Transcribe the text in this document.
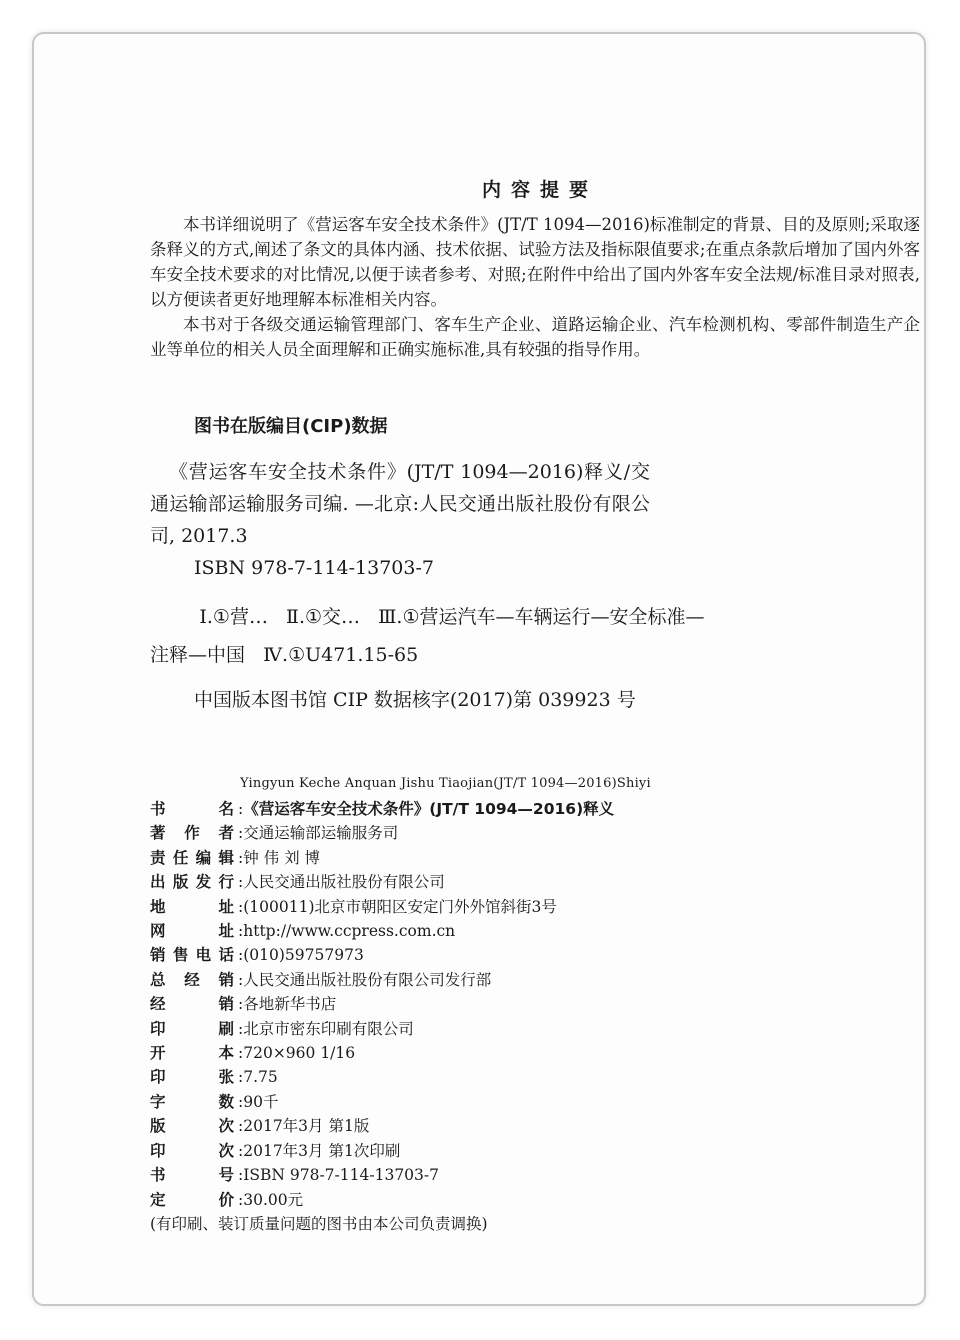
内容提要

本书详细说明了《营运客车安全技术条件》(JT/T 1094—2016)标准制定的背景、目的及原则;采取逐条释义的方式,阐述了条文的具体内涵、技术依据、试验方法及指标限值要求;在重点条款后增加了国内外客车安全技术要求的对比情况,以便于读者参考、对照;在附件中给出了国内外客车安全法规/标准目录对照表,以方便读者更好地理解本标准相关内容。

本书对于各级交通运输管理部门、客车生产企业、道路运输企业、汽车检测机构、零部件制造生产企业等单位的相关人员全面理解和正确实施标准,具有较强的指导作用。

图书在版编目(CIP)数据

《营运客车安全技术条件》(JT/T 1094—2016)释义/交通运输部运输服务司编. —北京:人民交通出版社股份有限公司, 2017.3

ISBN 978-7-114-13703-7

Ⅰ.①营… Ⅱ.①交… Ⅲ.①营运汽车—车辆运行—安全标准—注释—中国 Ⅳ.①U471.15-65

中国版本图书馆 CIP 数据核字(2017)第 039923 号

Yingyun Keche Anquan Jishu Tiaojian(JT/T 1094—2016)Shiyi
书名	:《营运客车安全技术条件》(JT/T 1094—2016)释义
著作者	:交通运输部运输服务司
责任编辑	:钟 伟 刘 博
出版发行	:人民交通出版社股份有限公司
地址	:(100011)北京市朝阳区安定门外外馆斜街3号
网址	:http://www.ccpress.com.cn
销售电话	:(010)59757973
总经销	:人民交通出版社股份有限公司发行部
经销	:各地新华书店
印刷	:北京市密东印刷有限公司
开本	:720×960 1/16
印张	:7.75
字数	:90千
版次	:2017年3月 第1版
印次	:2017年3月 第1次印刷
书号	:ISBN 978-7-114-13703-7
定价	:30.00元

(有印刷、装订质量问题的图书由本公司负责调换)
